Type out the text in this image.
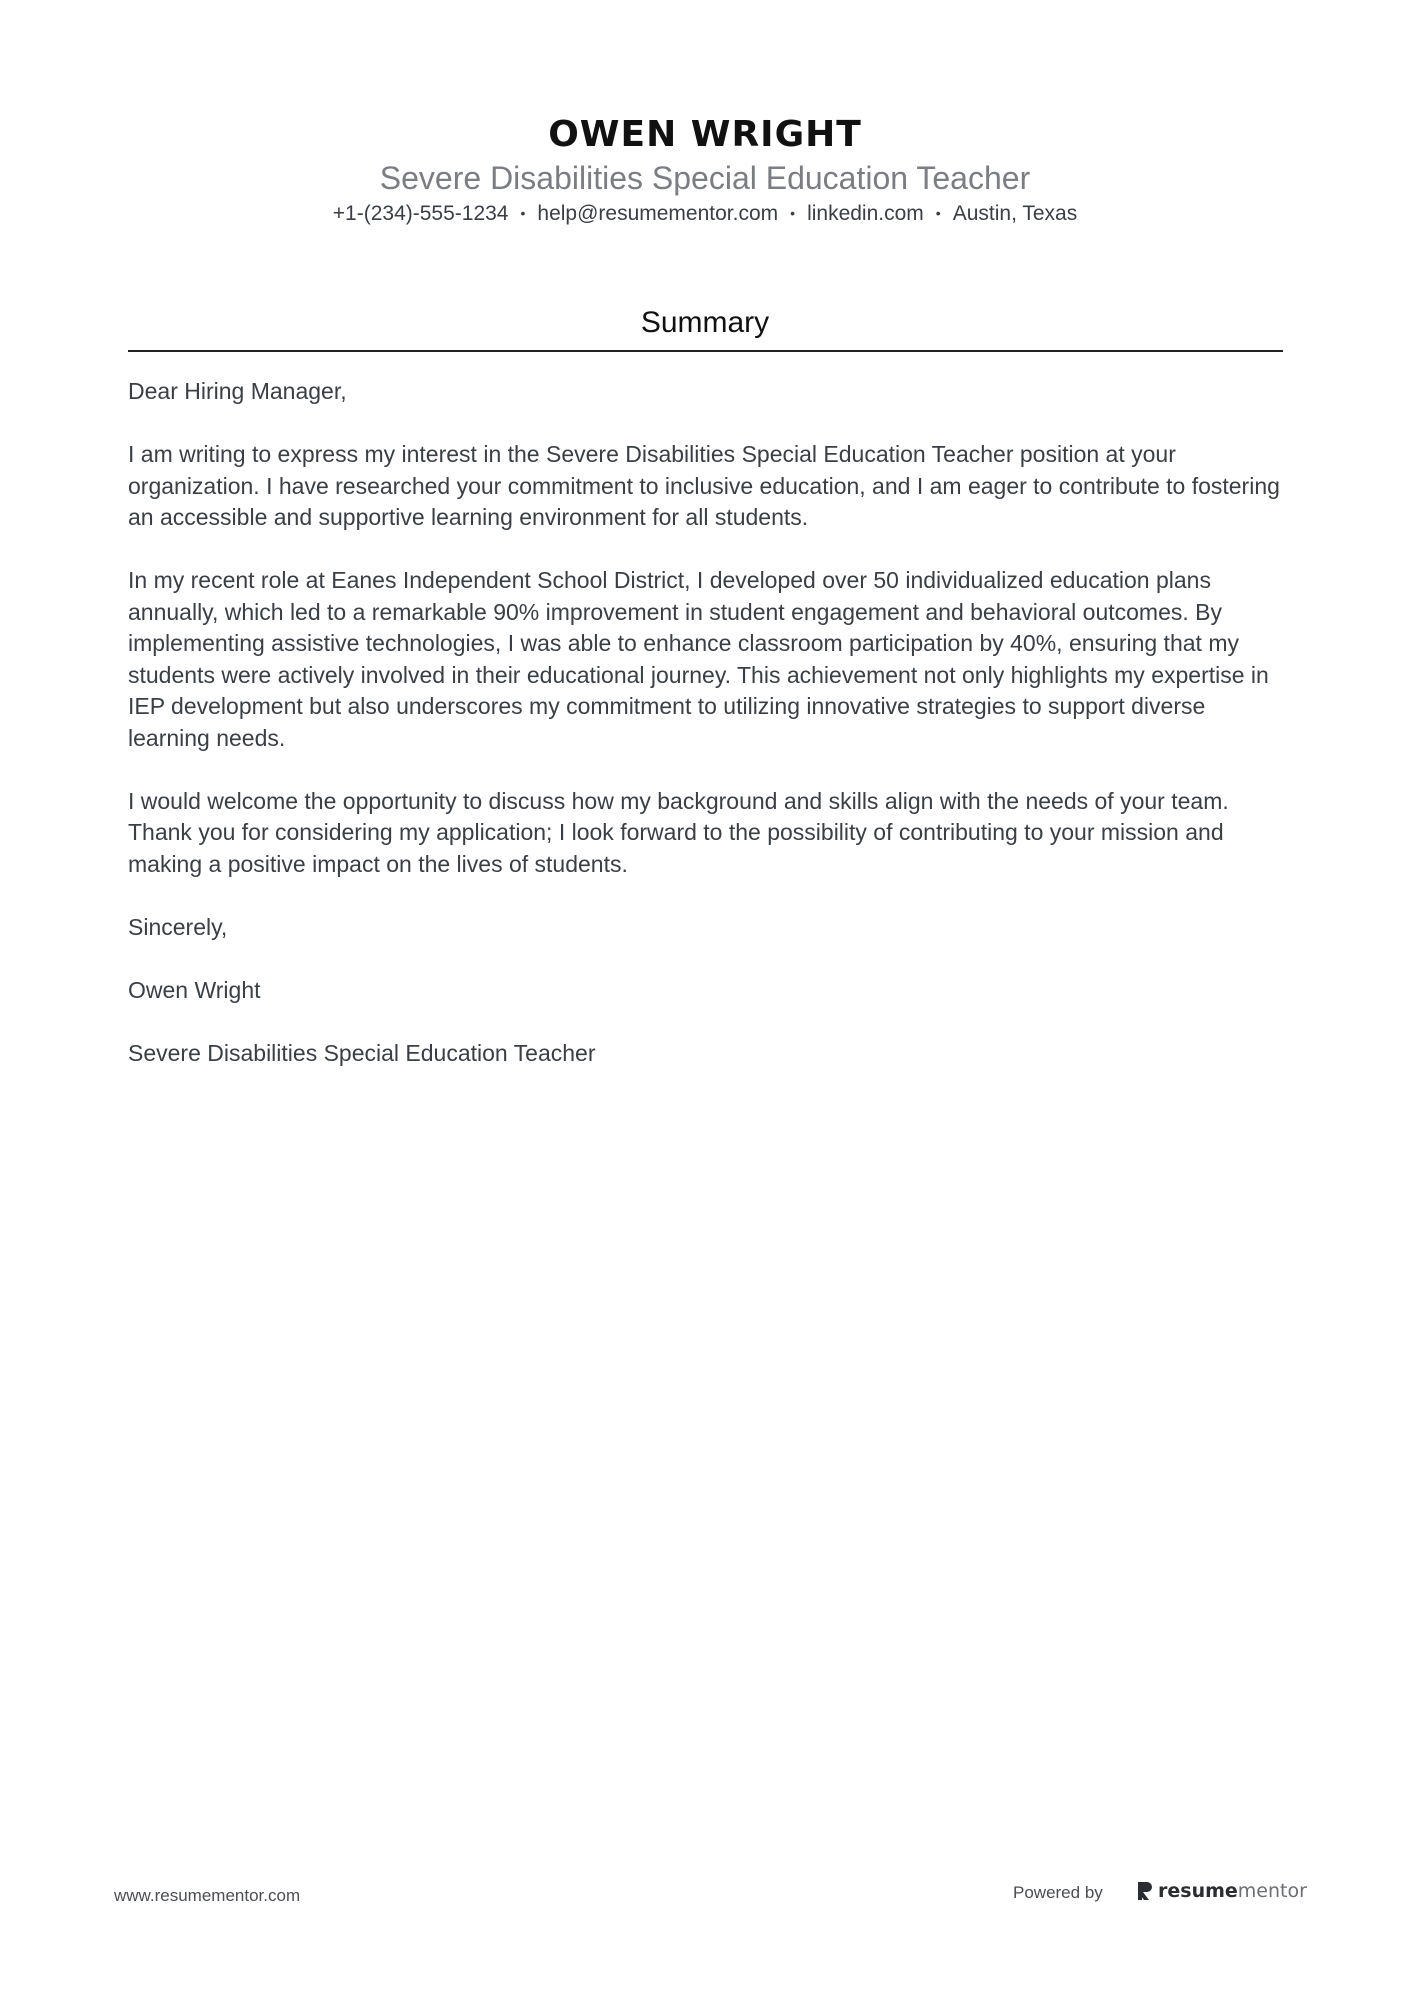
OWEN WRIGHT
Severe Disabilities Special Education Teacher
+1-(234)-555-1234 • help@resumementor.com • linkedin.com • Austin, Texas
Summary

Dear Hiring Manager,

I am writing to express my interest in the Severe Disabilities Special Education Teacher position at your organization. I have researched your commitment to inclusive education, and I am eager to contribute to fostering an accessible and supportive learning environment for all students.

In my recent role at Eanes Independent School District, I developed over 50 individualized education plans annually, which led to a remarkable 90% improvement in student engagement and behavioral outcomes. By implementing assistive technologies, I was able to enhance classroom participation by 40%, ensuring that my students were actively involved in their educational journey. This achievement not only highlights my expertise in IEP development but also underscores my commitment to utilizing innovative strategies to support diverse learning needs.

I would welcome the opportunity to discuss how my background and skills align with the needs of your team. Thank you for considering my application; I look forward to the possibility of contributing to your mission and making a positive impact on the lives of students.

Sincerely,

Owen Wright

Severe Disabilities Special Education Teacher

www.resumementor.com	Powered by	resume mentor
